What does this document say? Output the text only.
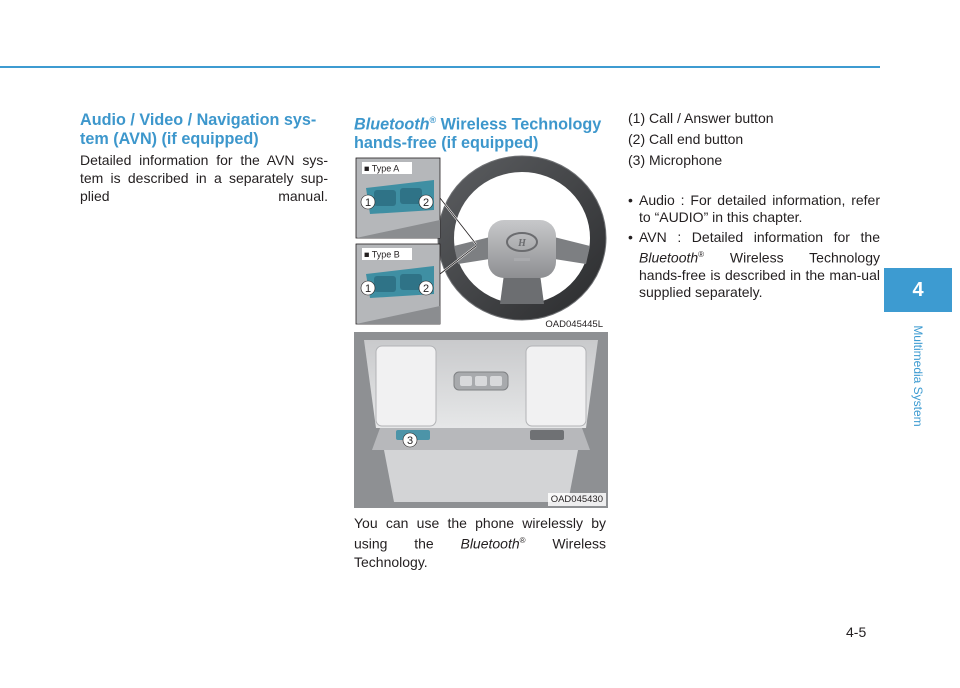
Audio / Video / Navigation sys-tem (AVN) (if equipped)

Detailed information for the AVN sys-tem is described in a separately sup-plied manual.

Bluetooth® Wireless Technology hands-free (if equipped)
H
■ Type A
■ Type B
1	2
1	2
OAD045445L
3
OAD045430

You can use the phone wirelessly by using the Bluetooth® Wireless Technology.

(1) Call / Answer button
(2) Call end button
(3) Microphone
• Audio : For detailed information, refer to “AUDIO” in this chapter.
• AVN : Detailed information for the Bluetooth® Wireless Technology hands-free is described in the man-ual supplied separately.	4
Multimedia System
4-5
